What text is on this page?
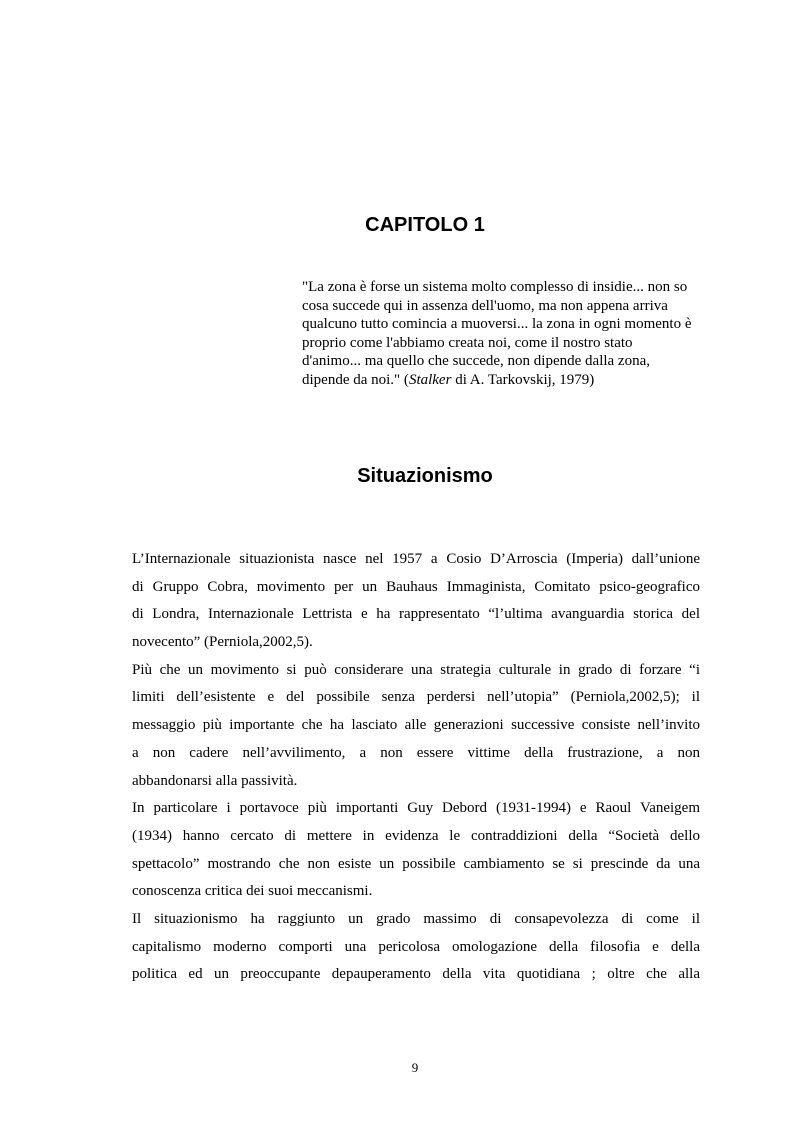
CAPITOLO 1
"La zona è forse un sistema molto complesso di insidie... non so
cosa succede qui in assenza dell'uomo, ma non appena arriva
qualcuno tutto comincia a muoversi... la zona in ogni momento è
proprio come l'abbiamo creata noi, come il nostro stato
d'animo... ma quello che succede, non dipende dalla zona,
dipende da noi." (Stalker di A. Tarkovskij, 1979)
Situazionismo
L’Internazionale situazionista nasce nel 1957 a Cosio D’Arroscia (Imperia) dall’unione
di Gruppo Cobra, movimento per un Bauhaus Immaginista, Comitato psico-geografico
di Londra, Internazionale Lettrista e ha rappresentato “l’ultima avanguardia storica del
novecento” (Perniola,2002,5).
Più che un movimento si può considerare una strategia culturale in grado di forzare “i
limiti dell’esistente e del possibile senza perdersi nell’utopia” (Perniola,2002,5); il
messaggio più importante che ha lasciato alle generazioni successive consiste nell’invito
a non cadere nell’avvilimento, a non essere vittime della frustrazione, a non
abbandonarsi alla passività.
In particolare i portavoce più importanti Guy Debord (1931-1994) e Raoul Vaneigem
(1934) hanno cercato di mettere in evidenza le contraddizioni della “Società dello
spettacolo” mostrando che non esiste un possibile cambiamento se si prescinde da una
conoscenza critica dei suoi meccanismi.
Il situazionismo ha raggiunto un grado massimo di consapevolezza di come il
capitalismo moderno comporti una pericolosa omologazione della filosofia e della
politica ed un preoccupante depauperamento della vita quotidiana ; oltre che alla
9
